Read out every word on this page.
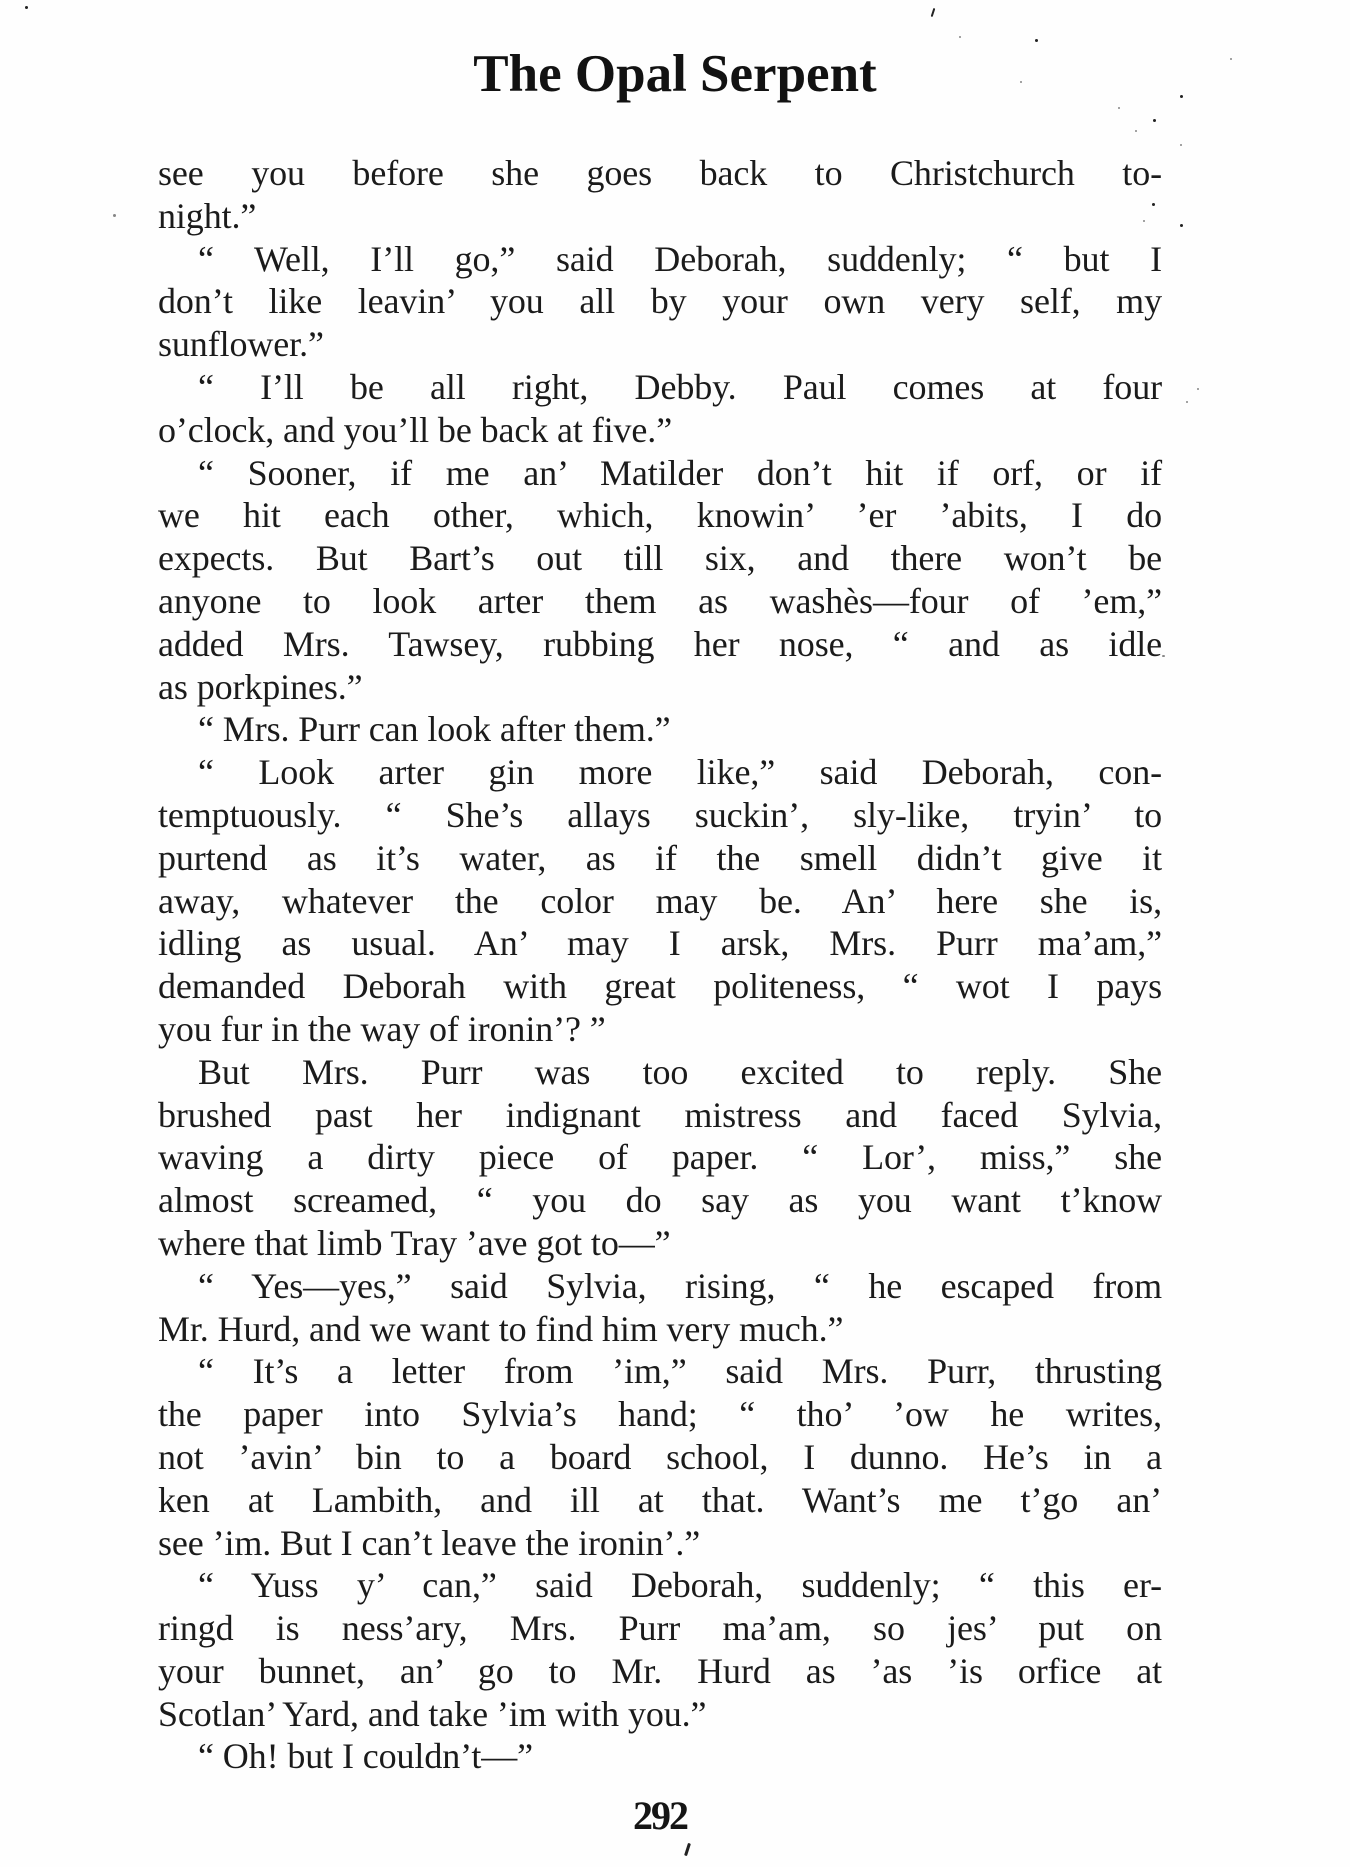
The Opal Serpent
see you before she goes back to Christchurch to-
night.”
“ Well, I’ll go,” said Deborah, suddenly; “ but I
don’t like leavin’ you all by your own very self, my
sunflower.”
“ I’ll be all right, Debby. Paul comes at four
o’clock, and you’ll be back at five.”
“ Sooner, if me an’ Matilder don’t hit if orf, or if
we hit each other, which, knowin’ ’er ’abits, I do
expects. But Bart’s out till six, and there won’t be
anyone to look arter them as washès—four of ’em,”
added Mrs. Tawsey, rubbing her nose, “ and as idle
as porkpines.”
“ Mrs. Purr can look after them.”
“ Look arter gin more like,” said Deborah, con-
temptuously. “ She’s allays suckin’, sly-like, tryin’ to
purtend as it’s water, as if the smell didn’t give it
away, whatever the color may be. An’ here she is,
idling as usual. An’ may I arsk, Mrs. Purr ma’am,”
demanded Deborah with great politeness, “ wot I pays
you fur in the way of ironin’? ”
But Mrs. Purr was too excited to reply. She
brushed past her indignant mistress and faced Sylvia,
waving a dirty piece of paper. “ Lor’, miss,” she
almost screamed, “ you do say as you want t’know
where that limb Tray ’ave got to—”
“ Yes—yes,” said Sylvia, rising, “ he escaped from
Mr. Hurd, and we want to find him very much.”
“ It’s a letter from ’im,” said Mrs. Purr, thrusting
the paper into Sylvia’s hand; “ tho’ ’ow he writes,
not ’avin’ bin to a board school, I dunno. He’s in a
ken at Lambith, and ill at that. Want’s me t’go an’
see ’im. But I can’t leave the ironin’.”
“ Yuss y’ can,” said Deborah, suddenly; “ this er-
ringd is ness’ary, Mrs. Purr ma’am, so jes’ put on
your bunnet, an’ go to Mr. Hurd as ’as ’is orfice at
Scotlan’ Yard, and take ’im with you.”
“ Oh! but I couldn’t—”
292
